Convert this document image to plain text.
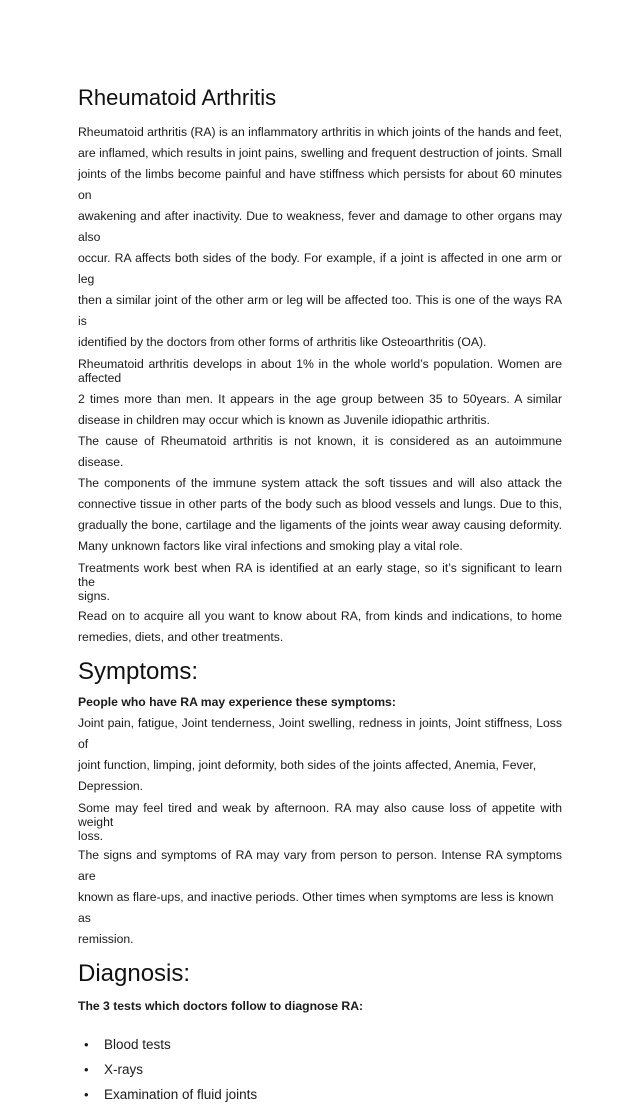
Rheumatoid Arthritis

Rheumatoid arthritis (RA) is an inflammatory arthritis in which joints of the hands and feet,

are inflamed, which results in joint pains, swelling and frequent destruction of joints. Small

joints of the limbs become painful and have stiffness which persists for about 60 minutes on

awakening and after inactivity. Due to weakness, fever and damage to other organs may also

occur. RA affects both sides of the body. For example, if a joint is affected in one arm or leg

then a similar joint of the other arm or leg will be affected too. This is one of the ways RA is

identified by the doctors from other forms of arthritis like Osteoarthritis (OA).

Rheumatoid arthritis develops in about 1% in the whole world’s population. Women are

affected

2 times more than men. It appears in the age group between 35 to 50years. A similar

disease in children may occur which is known as Juvenile idiopathic arthritis.

The cause of Rheumatoid arthritis is not known, it is considered as an autoimmune disease.

The components of the immune system attack the soft tissues and will also attack the

connective tissue in other parts of the body such as blood vessels and lungs. Due to this,

gradually the bone, cartilage and the ligaments of the joints wear away causing deformity.

Many unknown factors like viral infections and smoking play a vital role.

Treatments work best when RA is identified at an early stage, so it’s significant to learn the

signs.

Read on to acquire all you want to know about RA, from kinds and indications, to home

remedies, diets, and other treatments.

Symptoms:

People who have RA may experience these symptoms:

Joint pain, fatigue, Joint tenderness, Joint swelling, redness in joints, Joint stiffness, Loss of

joint function, limping, joint deformity, both sides of the joints affected, Anemia, Fever,

Depression.

Some may feel tired and weak by afternoon. RA may also cause loss of appetite with weight

loss.

The signs and symptoms of RA may vary from person to person. Intense RA symptoms are

known as flare-ups, and inactive periods. Other times when symptoms are less is known as

remission.

Diagnosis:

The 3 tests which doctors follow to diagnose RA:

• Blood tests
• X-rays
• Examination of fluid joints
